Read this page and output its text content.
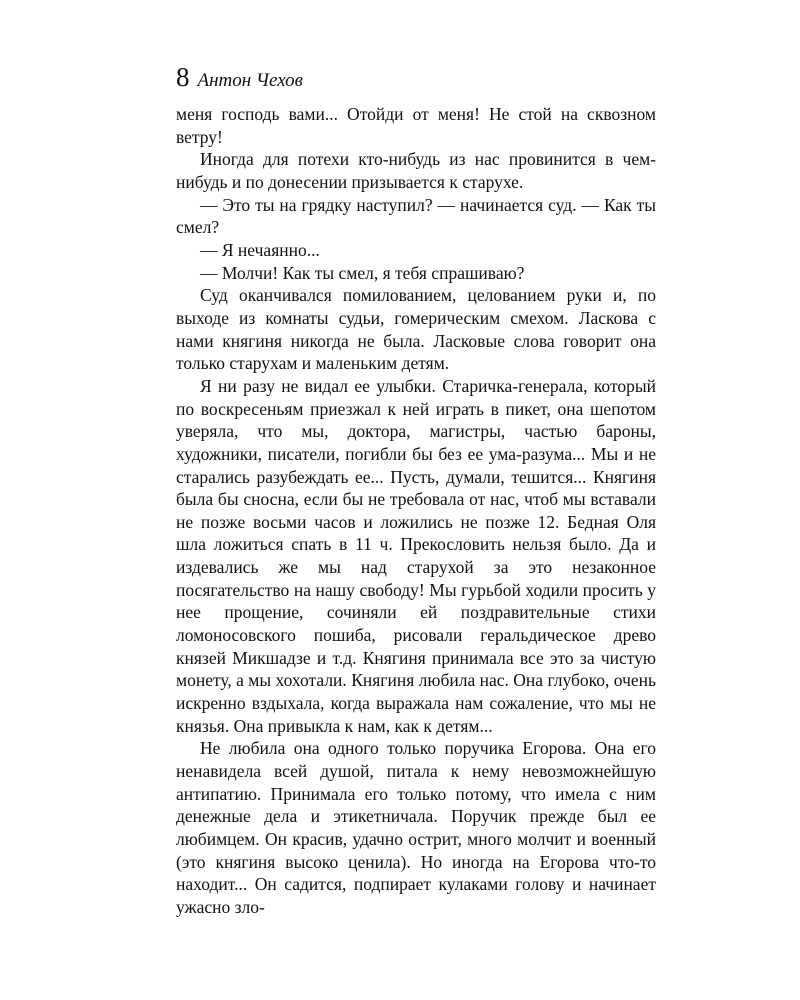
8 Антон Чехов

меня господь вами... Отойди от меня! Не стой на сквозном ветру!

Иногда для потехи кто-нибудь из нас провинится в чем-нибудь и по донесении призывается к старухе.

— Это ты на грядку наступил? — начинается суд. — Как ты смел?

— Я нечаянно...

— Молчи! Как ты смел, я тебя спрашиваю?

Суд оканчивался помилованием, целованием руки и, по выходе из комнаты судьи, гомерическим смехом. Ласкова с нами княгиня никогда не была. Ласковые слова говорит она только старухам и маленьким детям.

Я ни разу не видал ее улыбки. Старичка-генерала, который по воскресеньям приезжал к ней играть в пикет, она шепотом уверяла, что мы, доктора, магистры, частью бароны, художники, писатели, погибли бы без ее ума-разума... Мы и не старались разубеждать ее... Пусть, думали, тешится... Княгиня была бы сносна, если бы не требовала от нас, чтоб мы вставали не позже восьми часов и ложились не позже 12. Бедная Оля шла ложиться спать в 11 ч. Прекословить нельзя было. Да и издевались же мы над старухой за это незаконное посягательство на нашу свободу! Мы гурьбой ходили просить у нее прощение, сочиняли ей поздравительные стихи ломоносовского пошиба, рисовали геральдическое древо князей Микшадзе и т.д. Княгиня принимала все это за чистую монету, а мы хохотали. Княгиня любила нас. Она глубоко, очень искренно вздыхала, когда выражала нам сожаление, что мы не князья. Она привыкла к нам, как к детям...

Не любила она одного только поручика Егорова. Она его ненавидела всей душой, питала к нему невозможнейшую антипатию. Принимала его только потому, что имела с ним денежные дела и этикетничала. Поручик прежде был ее любимцем. Он красив, удачно острит, много молчит и военный (это княгиня высоко ценила). Но иногда на Егорова что-то находит... Он садится, подпирает кулаками голову и начинает ужасно зло-
